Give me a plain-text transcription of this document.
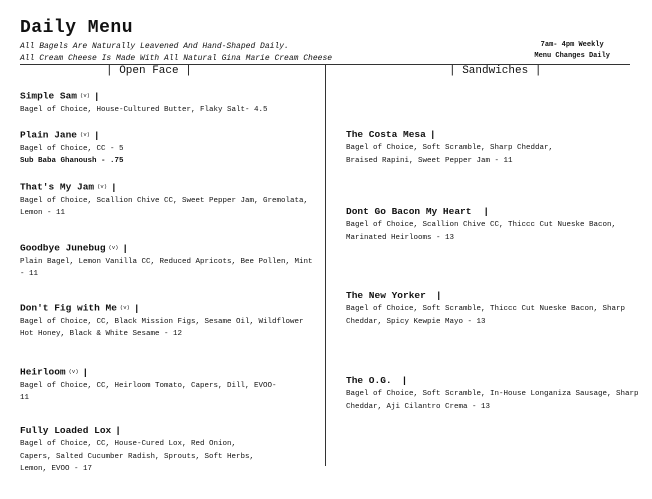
Daily Menu
All Bagels Are Naturally Leavened And Hand-Shaped Daily.
All Cream Cheese Is Made With All Natural Gina Marie Cream Cheese
7am- 4pm Weekly
Menu Changes Daily
| Open Face |	| Sandwiches |
Simple Sam (v) |
Bagel of Choice, House-Cultured Butter, Flaky Salt- 4.5
Plain Jane (v) |
Bagel of Choice, CC - 5
Sub Baba Ghanoush - .75
That's My Jam (v) |
Bagel of Choice, Scallion Chive CC, Sweet Pepper Jam, Gremolata, Lemon - 11
Goodbye Junebug (v) |
Plain Bagel, Lemon Vanilla CC, Reduced Apricots, Bee Pollen, Mint - 11
Don't Fig with Me (v) |
Bagel of Choice, CC, Black Mission Figs, Sesame Oil, Wildflower Hot Honey, Black & White Sesame - 12
Heirloom (v) |
Bagel of Choice, CC, Heirloom Tomato, Capers, Dill, EVOO- 11
Fully Loaded Lox |
Bagel of Choice, CC, House-Cured Lox, Red Onion, Capers, Salted Cucumber Radish, Sprouts, Soft Herbs, Lemon, EVOO - 17
The Costa Mesa |
Bagel of Choice, Soft Scramble, Sharp Cheddar, Braised Rapini, Sweet Pepper Jam - 11
Dont Go Bacon My Heart |
Bagel of Choice, Scallion Chive CC, Thiccc Cut Nueske Bacon, Marinated Heirlooms - 13
The New Yorker |
Bagel of Choice, Soft Scramble, Thiccc Cut Nueske Bacon, Sharp Cheddar, Spicy Kewpie Mayo - 13
The O.G. |
Bagel of Choice, Soft Scramble, In-House Longaniza Sausage, Sharp Cheddar, Aji Cilantro Crema - 13
